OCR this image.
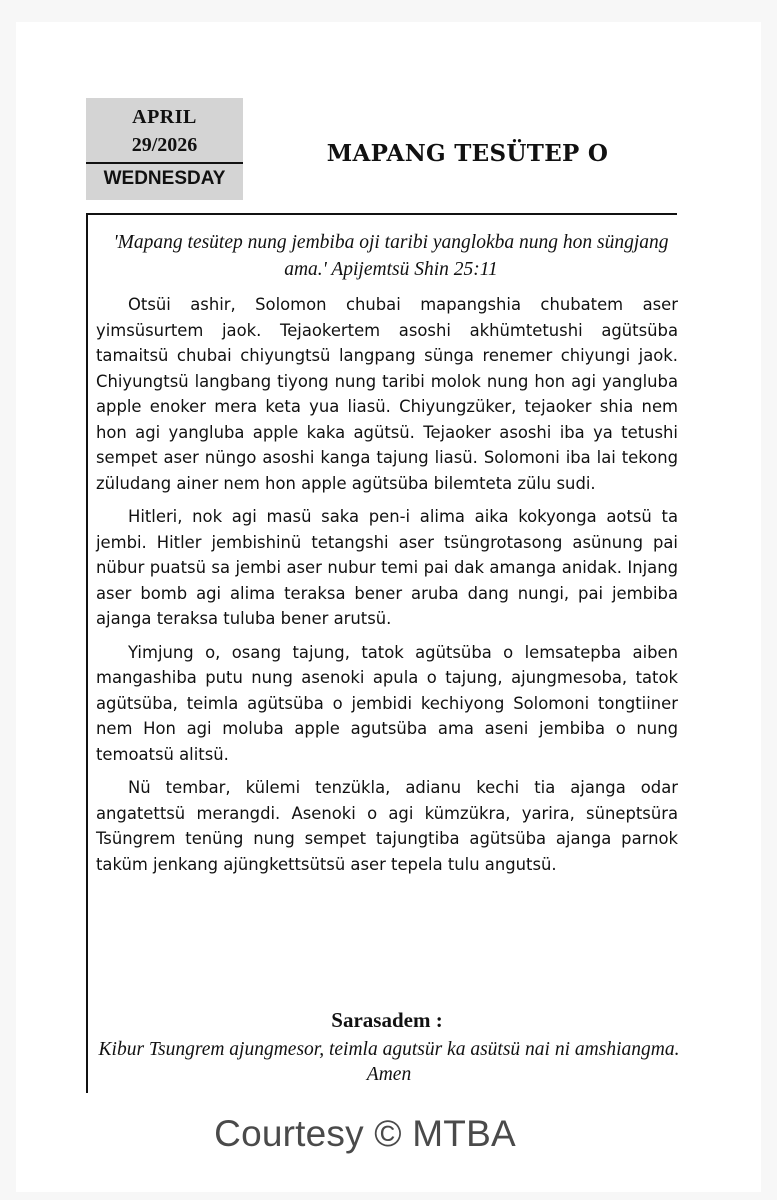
APRIL
29/2026
WEDNESDAY
MAPANG TESÜTEP O
'Mapang tesütep nung jembiba oji taribi yanglokba nung hon süngjang ama.' Apijemtsü Shin 25:11

Otsüi ashir, Solomon chubai mapangshia chubatem aser yimsüsurtem jaok. Tejaokertem asoshi akhümtetushi agütsüba tamaitsü chubai chiyungtsü langpang sünga renemer chiyungi jaok. Chiyungtsü langbang tiyong nung taribi molok nung hon agi yangluba apple enoker mera keta yua liasü. Chiyungzüker, tejaoker shia nem hon agi yangluba apple kaka agütsü. Tejaoker asoshi iba ya tetushi sempet aser nüngo asoshi kanga tajung liasü. Solomoni iba lai tekong züludang ainer nem hon apple agütsüba bilemteta zülu sudi.

Hitleri, nok agi masü saka pen-i alima aika kokyonga aotsü ta jembi. Hitler jembishinü tetangshi aser tsüngrotasong asünung pai nübur puatsü sa jembi aser nubur temi pai dak amanga anidak. Injang aser bomb agi alima teraksa bener aruba dang nungi, pai jembiba ajanga teraksa tuluba bener arutsü.

Yimjung o, osang tajung, tatok agütsüba o lemsatepba aiben mangashiba putu nung asenoki apula o tajung, ajungmesoba, tatok agütsüba, teimla agütsüba o jembidi kechiyong Solomoni tongtiiner nem Hon agi moluba apple agutsüba ama aseni jembiba o nung temoatsü alitsü.

Nü tembar, külemi tenzükla, adianu kechi tia ajanga odar angatettsü merangdi. Asenoki o agi kümzükra, yarira, süneptsüra Tsüngrem tenüng nung sempet tajungtiba agütsüba ajanga parnok taküm jenkang ajüngkettsütsü aser tepela tulu angutsü.

Sarasadem :
Kibur Tsungrem ajungmesor, teimla agutsür ka asütsü nai ni amshiangma. Amen
Courtesy © MTBA
